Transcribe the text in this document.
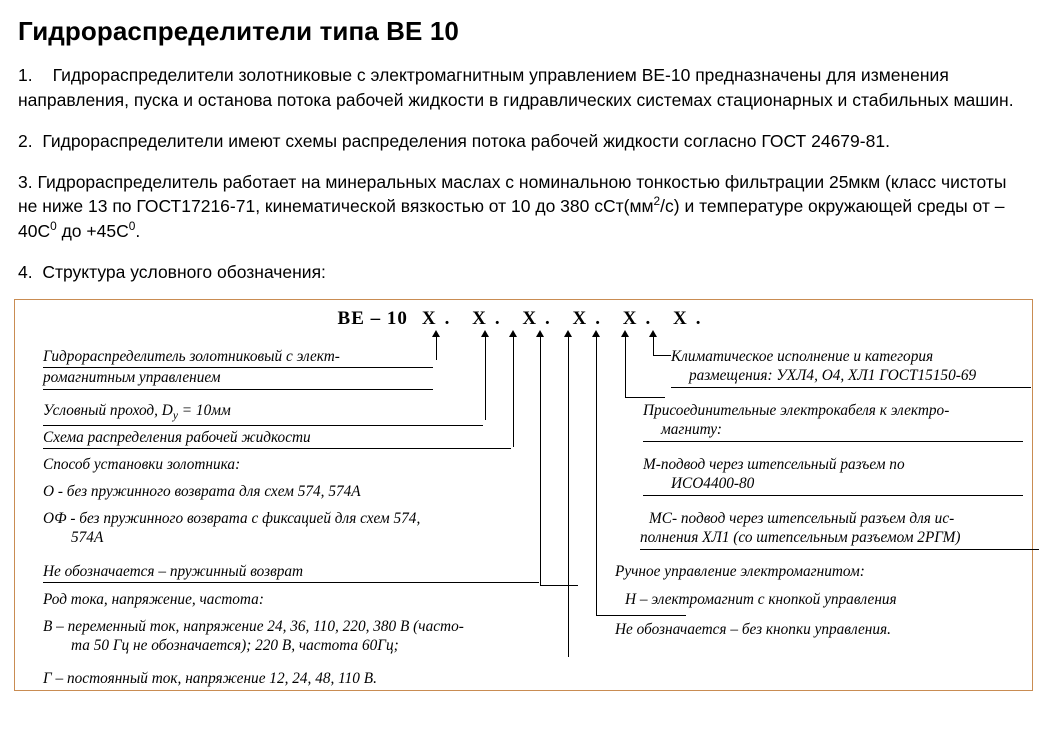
Гидрораспределители типа ВЕ 10

1. Гидрораспределители золотниковые с электромагнитным управлением ВЕ-10 предназначены для изменения направления, пуска и останова потока рабочей жидкости в гидравлических системах стационарных и стабильных машин.

2. Гидрораспределители имеют схемы распределения потока рабочей жидкости согласно ГОСТ 24679-81.

3. Гидрораспределитель работает на минеральных маслах с номинальною тонкостью фильтрации 25мкм (класс чистоты не ниже 13 по ГОСТ17216-71, кинематической вязкостью от 10 до 380 $сСт(мм^2/с)$ и температуре окружающей среды от $-40С^0$ до $+45С^0$.

4. Структура условного обозначения:

ВЕ – 10 Х. Х. Х. Х. Х. Х.
Гидрораспределитель золотниковый с элект-
ромагнитным управлением
Условный проход, $D_у = 10мм$
Схема распределения рабочей жидкости
Способ установки золотника:
О - без пружинного возврата для схем 574, 574А
ОФ - без пружинного возврата с фиксацией для схем 574,
574А
Не обозначается – пружинный возврат
Род тока, напряжение, частота:
В – переменный ток, напряжение 24, 36, 110, 220, 380 В (часто-
та 50 Гц не обозначается); 220 В, частота 60Гц;
Г – постоянный ток, напряжение 12, 24, 48, 110 В.
Климатическое исполнение и категория
размещения: УХЛ4, О4, ХЛ1 ГОСТ15150-69
Присоединительные электрокабеля к электро-
магниту:
М-подвод через штепсельный разъем по
ИСО4400-80
МС- подвод через штепсельный разъем для ис-
полнения ХЛ1 (со штепсельным разъемом 2РГМ)
Ручное управление электромагнитом:
Н – электромагнит с кнопкой управления
Не обозначается – без кнопки управления.
